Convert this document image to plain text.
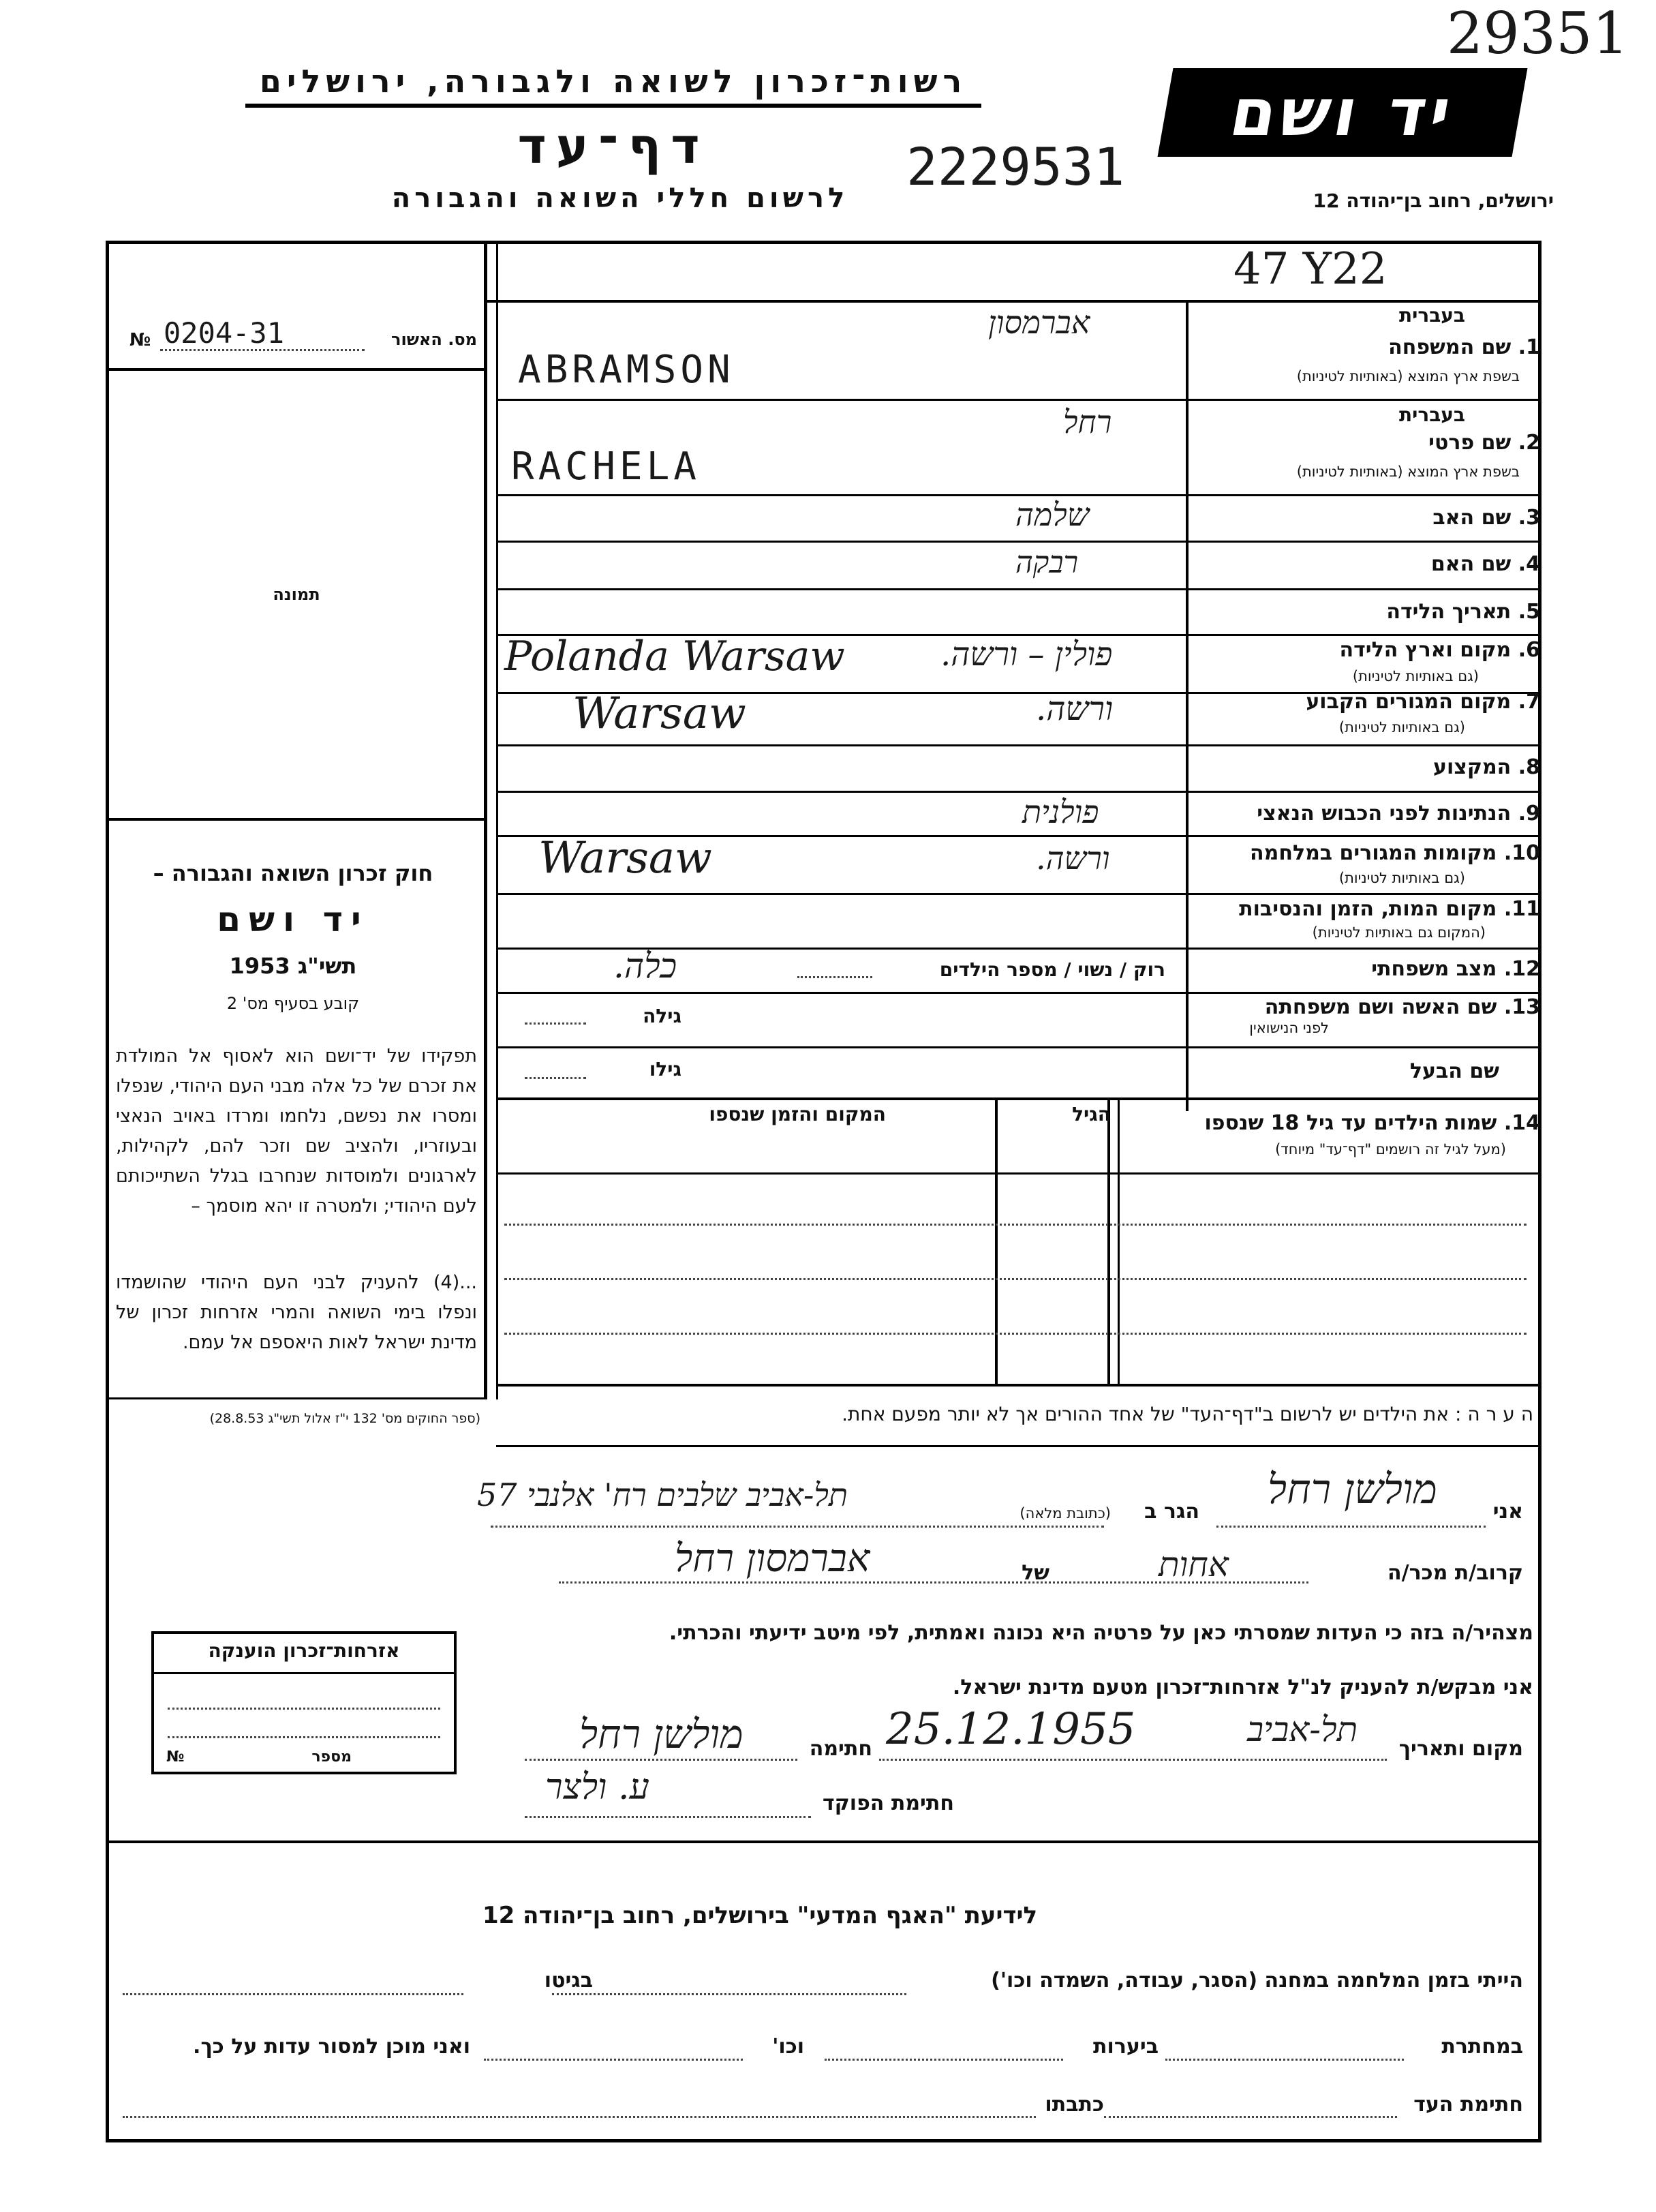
29351
יד ושם
רשות־זכרון לשואה ולגבורה, ירושלים
דף־עד	2229531
לרשום חללי השואה והגבורה	ירושלים, רחוב בן־יהודה 12
47 Y22
№ 0204-31	מס. האשור
תמונה
חוק זכרון השואה והגבורה –
יד ושם
תשי"ג 1953
קובע בסעיף מס' 2
תפקידו של יד־ושם הוא לאסוף אל המולדת את זכרם של כל אלה מבני העם היהודי, שנפלו ומסרו את נפשם, נלחמו ומרדו באויב הנאצי ובעוזריו, ולהציב שם וזכר להם, לקהילות, לארגונים ולמוסדות שנחרבו בגלל השתייכותם לעם היהודי; ולמטרה זו יהא מוסמך –
...(4) להעניק לבני העם היהודי שהושמדו ונפלו בימי השואה והמרי אזרחות זכרון של מדינת ישראל לאות היאספם אל עמם.
(ספר החוקים מס' 132 י"ז אלול תשי"ג 28.8.53)
בעברית
אברמסון
1. שם המשפחה
בשפת ארץ המוצא (באותיות לטיניות)
ABRAMSON
בעברית
רחל
2. שם פרטי
בשפת ארץ המוצא (באותיות לטיניות)
RACHELA
3. שם האב
שלמה
4. שם האם
רבקה
5. תאריך הלידה
6. מקום וארץ הלידה
(גם באותיות לטיניות)
Polanda Warsaw	פולין – ורשה.
7. מקום המגורים הקבוע
(גם באותיות לטיניות)
Warsaw	ורשה.
8. המקצוע
9. הנתינות לפני הכבוש הנאצי
פולנית
10. מקומות המגורים במלחמה
(גם באותיות לטיניות)
Warsaw	ורשה.
11. מקום המות, הזמן והנסיבות
(המקום גם באותיות לטיניות)
12. מצב משפחתי
רוק / נשוי / מספר הילדים
כלה.
13. שם האשה ושם משפחתה
לפני הנישואין
גילה
שם הבעל
גילו
14. שמות הילדים עד גיל 18 שנספו
(מעל לגיל זה רושמים "דף־עד" מיוחד)
הגיל
המקום והזמן שנספו
ה ע ר ה : את הילדים יש לרשום ב"דף־העד" של אחד ההורים אך לא יותר מפעם אחת.
אני
מולשן רחל
הגר ב
(כתובת מלאה)
תל-אביב שלבים רח' אלנבי 57
קרוב/ת מכר/ה
אחות
של
אברמסון רחל
מצהיר/ה בזה כי העדות שמסרתי כאן על פרטיה היא נכונה ואמתית, לפי מיטב ידיעתי והכרתי.
אני מבקש/ת להעניק לנ"ל אזרחות־זכרון מטעם מדינת ישראל.
מקום ותאריך
תל-אביב
25.12.1955
חתימה
מולשן רחל
חתימת הפוקד
ע. ולצר
אזרחות־זכרון הוענקה
№	מספר
לידיעת "האגף המדעי" בירושלים, רחוב בן־יהודה 12
הייתי בזמן המלחמה במחנה (הסגר, עבודה, השמדה וכו')
בגיטו
במחתרת
ביערות
וכו'
ואני מוכן למסור עדות על כך.
חתימת העד
כתבתו
